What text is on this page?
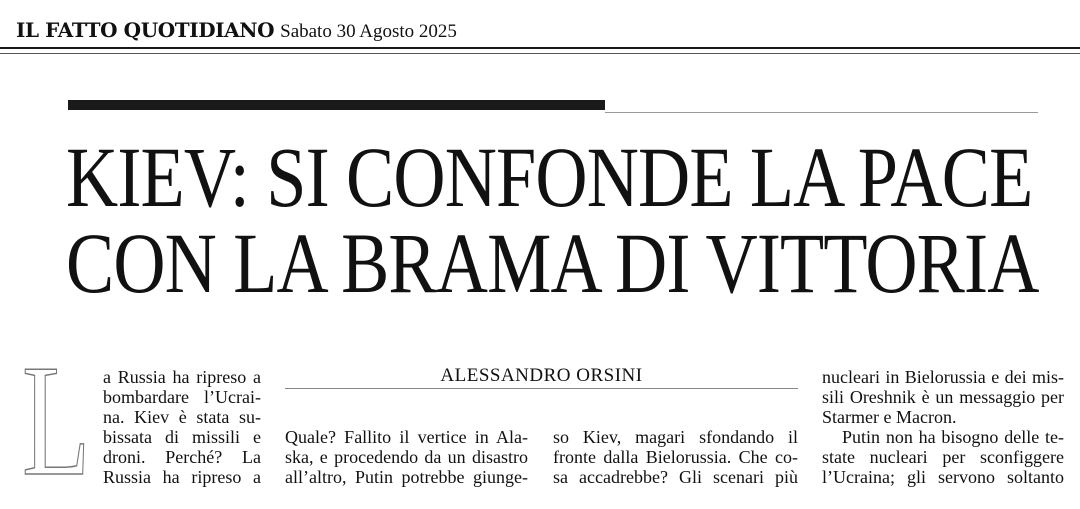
IL FATTO QUOTIDIANO Sabato 30 Agosto 2025
KIEV: SI CONFONDE LA PACE
CON LA BRAMA DI VITTORIA
L a Russia ha ripreso a
bombardare l’Ucrai-
na. Kiev è stata su-
bissata di missili e
droni. Perché? La
Russia ha ripreso a
ALESSANDRO ORSINI
Quale? Fallito il vertice in Ala-
ska, e procedendo da un disastro
all’altro, Putin potrebbe giunge-
so Kiev, magari sfondando il
fronte dalla Bielorussia. Che co-
sa accadrebbe? Gli scenari più
nucleari in Bielorussia e dei mis-
sili Oreshnik è un messaggio per
Starmer e Macron.
Putin non ha bisogno delle te-
state nucleari per sconfiggere
l’Ucraina; gli servono soltanto
